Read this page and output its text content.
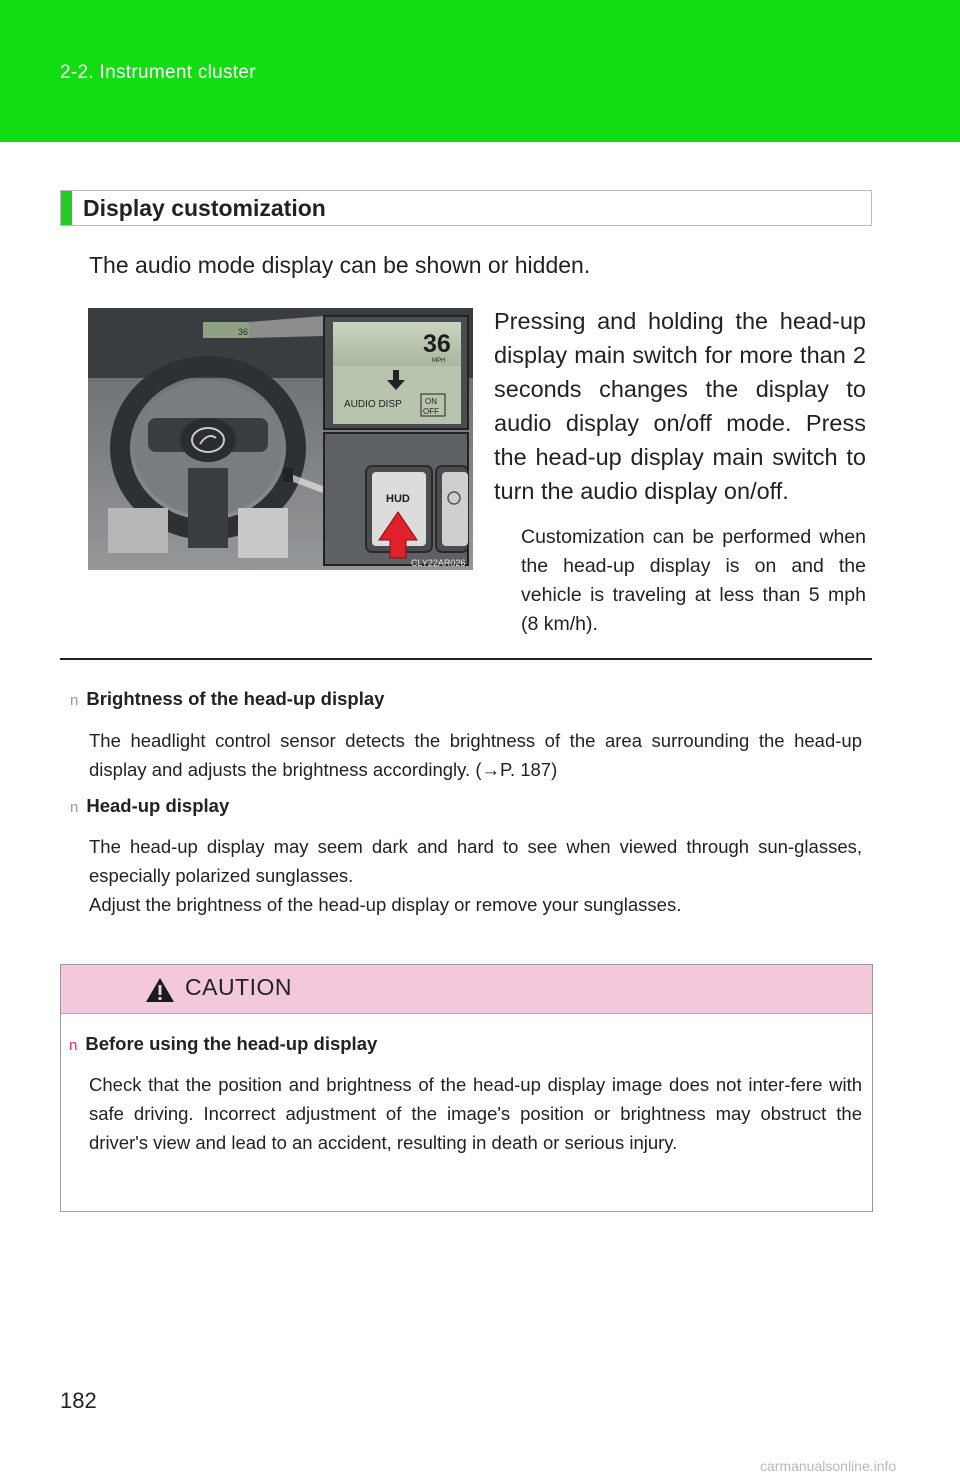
2-2. Instrument cluster
Display customization
The audio mode display can be shown or hidden.
36	36
MPH
AUDIO DISP	ON
OFF
HUD
CLY22AR026
Pressing and holding the head-up display main switch for more than 2 seconds changes the display to audio display on/off mode. Press the head-up display main switch to turn the audio display on/off.
Customization can be performed when the head-up display is on and the vehicle is traveling at less than 5 mph (8 km/h).
n Brightness of the head-up display
The headlight control sensor detects the brightness of the area surrounding the head-up display and adjusts the brightness accordingly. (→P. 187)
n Head-up display
The head-up display may seem dark and hard to see when viewed through sun-glasses, especially polarized sunglasses.
Adjust the brightness of the head-up display or remove your sunglasses.
CAUTION
n Before using the head-up display
Check that the position and brightness of the head-up display image does not inter-fere with safe driving. Incorrect adjustment of the image's position or brightness may obstruct the driver's view and lead to an accident, resulting in death or serious injury.
182
carmanualsonline.info
